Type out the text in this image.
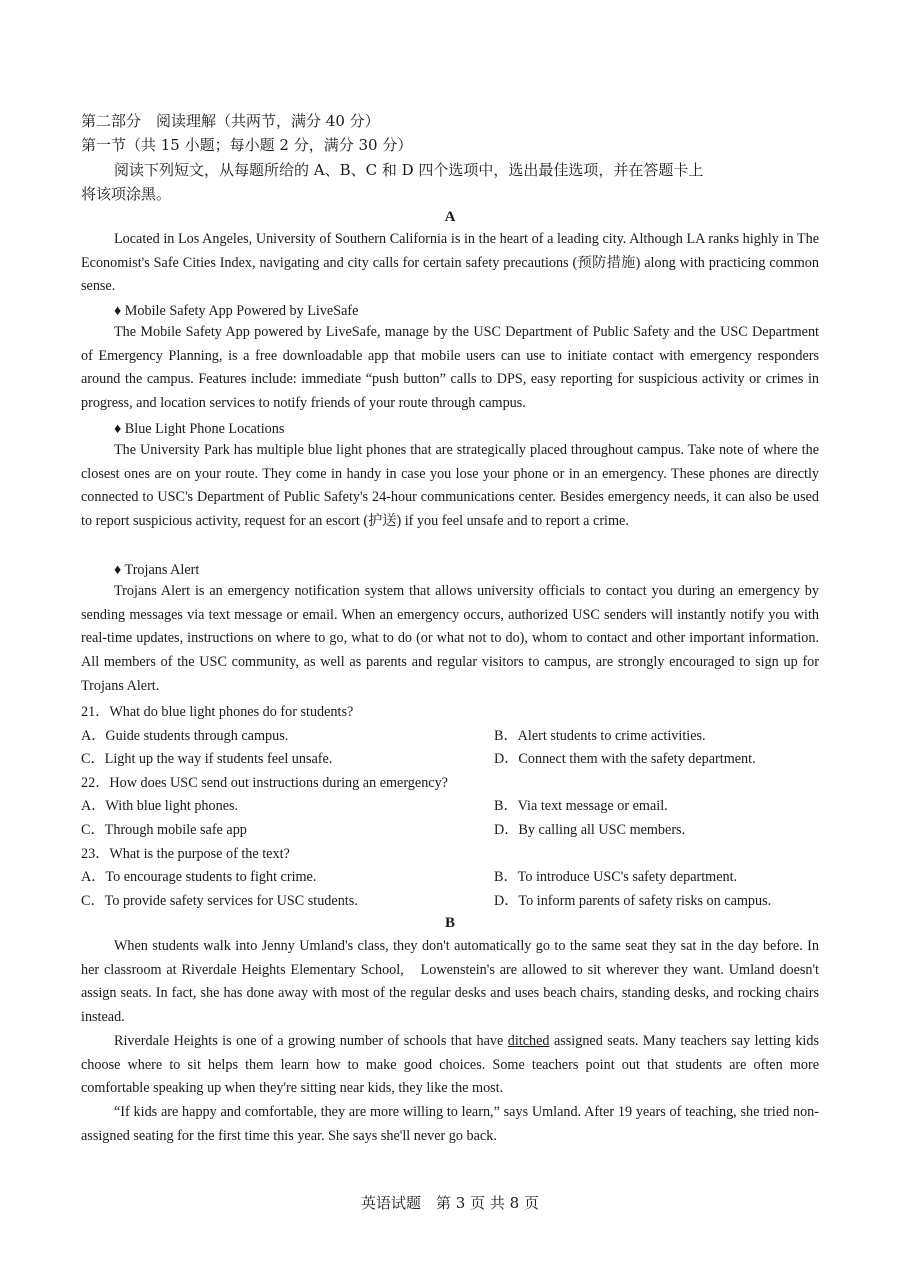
第二部分　阅读理解（共两节，满分 40 分）
第一节（共 15 小题；每小题 2 分，满分 30 分）
阅读下列短文，从每题所给的 A、B、C 和 D 四个选项中，选出最佳选项，并在答题卡上
将该项涂黑。
A

Located in Los Angeles, University of Southern California is in the heart of a leading city. Although LA ranks highly in The Economist's Safe Cities Index, navigating and city calls for certain safety precautions (预防措施) along with practicing common sense.

♦ Mobile Safety App Powered by LiveSafe

The Mobile Safety App powered by LiveSafe, manage by the USC Department of Public Safety and the USC Department of Emergency Planning, is a free downloadable app that mobile users can use to initiate contact with emergency responders around the campus. Features include: immediate “push button” calls to DPS, easy reporting for suspicious activity or crimes in progress, and location services to notify friends of your route through campus.

♦ Blue Light Phone Locations

The University Park has multiple blue light phones that are strategically placed throughout campus. Take note of where the closest ones are on your route. They come in handy in case you lose your phone or in an emergency. These phones are directly connected to USC's Department of Public Safety's 24-hour communications center. Besides emergency needs, it can also be used to report suspicious activity, request for an escort (护送) if you feel unsafe and to report a crime.

♦ Trojans Alert

Trojans Alert is an emergency notification system that allows university officials to contact you during an emergency by sending messages via text message or email. When an emergency occurs, authorized USC senders will instantly notify you with real-time updates, instructions on where to go, what to do (or what not to do), whom to contact and other important information. All members of the USC community, as well as parents and regular visitors to campus, are strongly encouraged to sign up for Trojans Alert.

21．What do blue light phones do for students?
A．Guide students through campus.	B．Alert students to crime activities.
C．Light up the way if students feel unsafe.	D．Connect them with the safety department.
22．How does USC send out instructions during an emergency?
A．With blue light phones.	B．Via text message or email.
C．Through mobile safe app	D．By calling all USC members.
23．What is the purpose of the text?
A．To encourage students to fight crime.	B．To introduce USC's safety department.
C．To provide safety services for USC students.	D．To inform parents of safety risks on campus.
B

When students walk into Jenny Umland's class, they don't automatically go to the same seat they sat in the day before. In her classroom at Riverdale Heights Elementary School,　Lowenstein's are allowed to sit wherever they want. Umland doesn't assign seats. In fact, she has done away with most of the regular desks and uses beach chairs, standing desks, and rocking chairs instead.

Riverdale Heights is one of a growing number of schools that have ditched assigned seats. Many teachers say letting kids choose where to sit helps them learn how to make good choices. Some teachers point out that students are often more comfortable speaking up when they're sitting near kids, they like the most.

“If kids are happy and comfortable, they are more willing to learn,” says Umland. After 19 years of teaching, she tried non-assigned seating for the first time this year. She says she'll never go back.

英语试题　第 3 页 共 8 页
